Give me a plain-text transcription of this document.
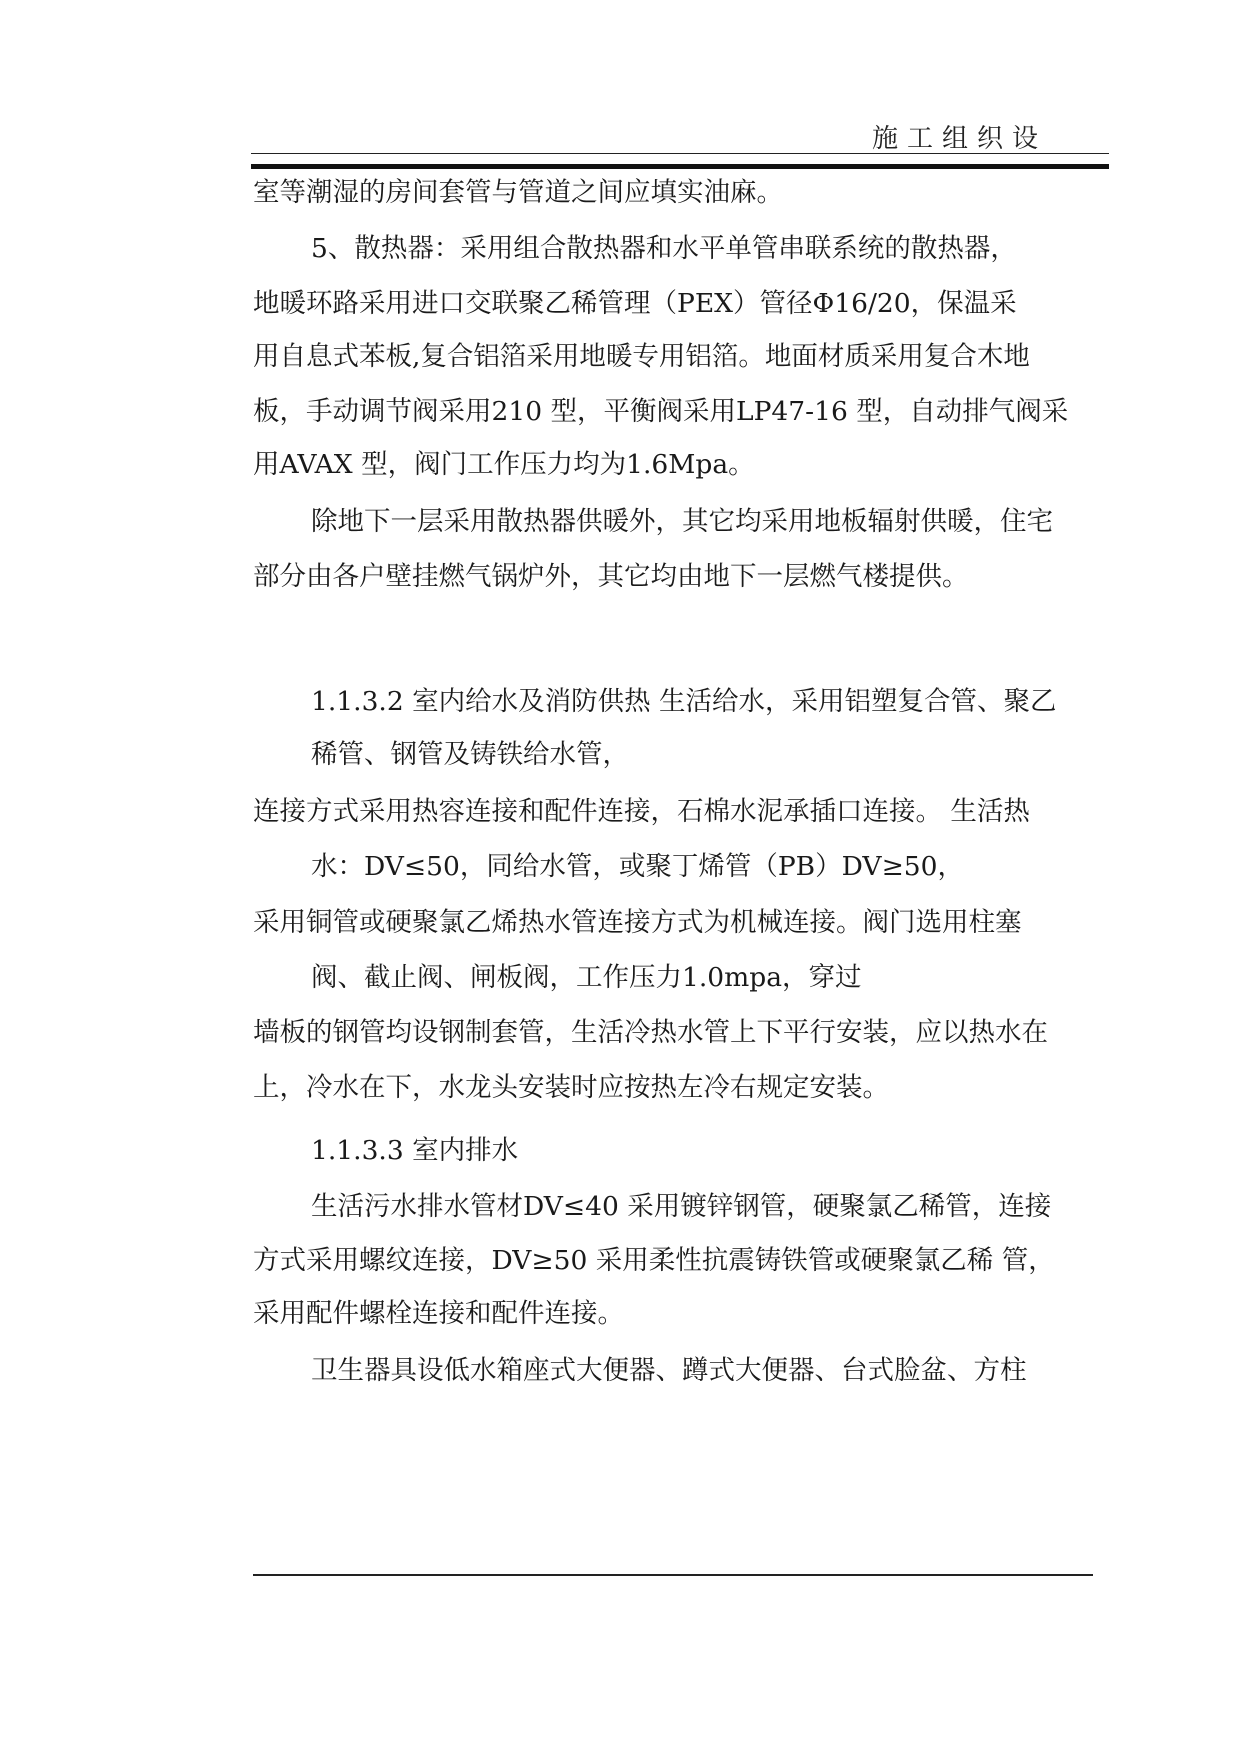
施工组织设
室等潮湿的房间套管与管道之间应填实油麻。
5、散热器：采用组合散热器和水平单管串联系统的散热器，
地暖环路采用进口交联聚乙稀管理（PEX）管径Φ16/20，保温采
用自息式苯板,复合铝箔采用地暖专用铝箔。地面材质采用复合木地
板，手动调节阀采用210 型，平衡阀采用LP47-16 型，自动排气阀采
用AVAX 型，阀门工作压力均为1.6Mpa。
除地下一层采用散热器供暖外，其它均采用地板辐射供暖，住宅
部分由各户壁挂燃气锅炉外，其它均由地下一层燃气楼提供。
1.1.3.2 室内给水及消防供热 生活给水，采用铝塑复合管、聚乙
稀管、钢管及铸铁给水管，
连接方式采用热容连接和配件连接，石棉水泥承插口连接。 生活热
水：DV≤50，同给水管，或聚丁烯管（PB）DV≥50，
采用铜管或硬聚氯乙烯热水管连接方式为机械连接。阀门选用柱塞
阀、截止阀、闸板阀，工作压力1.0mpa，穿过
墙板的钢管均设钢制套管，生活冷热水管上下平行安装，应以热水在
上，冷水在下，水龙头安装时应按热左冷右规定安装。
1.1.3.3 室内排水
生活污水排水管材DV≤40 采用镀锌钢管，硬聚氯乙稀管，连接
方式采用螺纹连接，DV≥50 采用柔性抗震铸铁管或硬聚氯乙稀 管，
采用配件螺栓连接和配件连接。
卫生器具设低水箱座式大便器、蹲式大便器、台式脸盆、方柱
